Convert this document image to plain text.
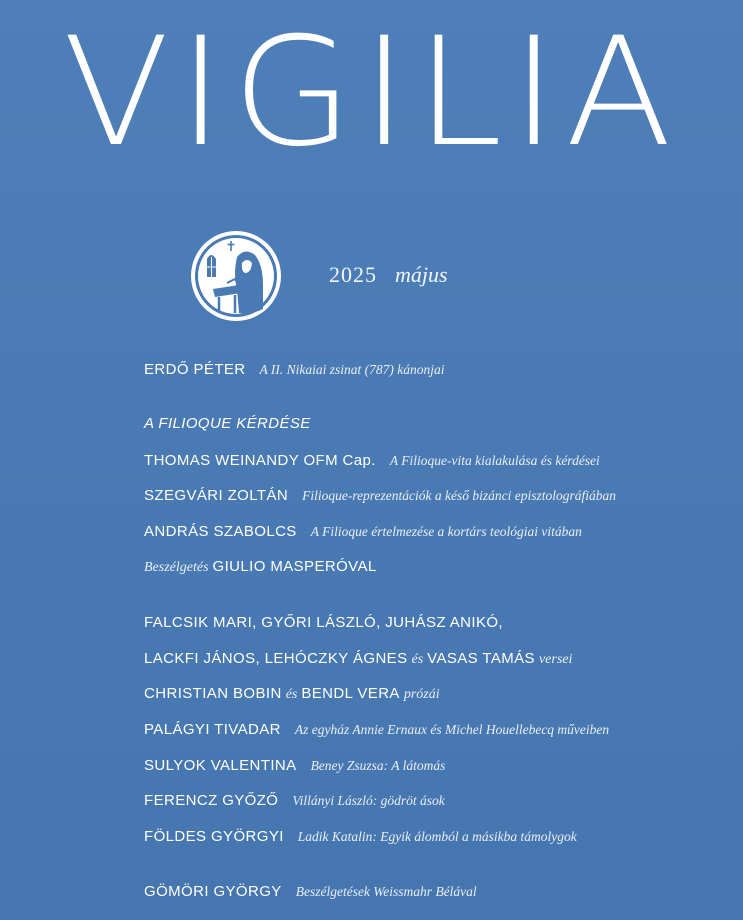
VIGILIA
2025 május
ERDŐ PÉTER A II. Nikaiai zsinat (787) kánonjai
A FILIOQUE KÉRDÉSE
THOMAS WEINANDY OFM Cap. A Filioque-vita kialakulása és kérdései
SZEGVÁRI ZOLTÁN Filioque-reprezentációk a késő bizánci episztolográfiában
ANDRÁS SZABOLCS A Filioque értelmezése a kortárs teológiai vitában
Beszélgetés GIULIO MASPERÓVAL
FALCSIK MARI, GYŐRI LÁSZLÓ, JUHÁSZ ANIKÓ,
LACKFI JÁNOS, LEHÓCZKY ÁGNES és VASAS TAMÁS versei
CHRISTIAN BOBIN és BENDL VERA prózái
PALÁGYI TIVADAR Az egyház Annie Ernaux és Michel Houellebecq műveiben
SULYOK VALENTINA Beney Zsuzsa: A látomás
FERENCZ GYŐZŐ Villányi László: gödröt ások
FÖLDES GYÖRGYI Ladik Katalin: Egyik álomból a másikba támolygok
GÖMÖRI GYÖRGY Beszélgetések Weissmahr Bélával
